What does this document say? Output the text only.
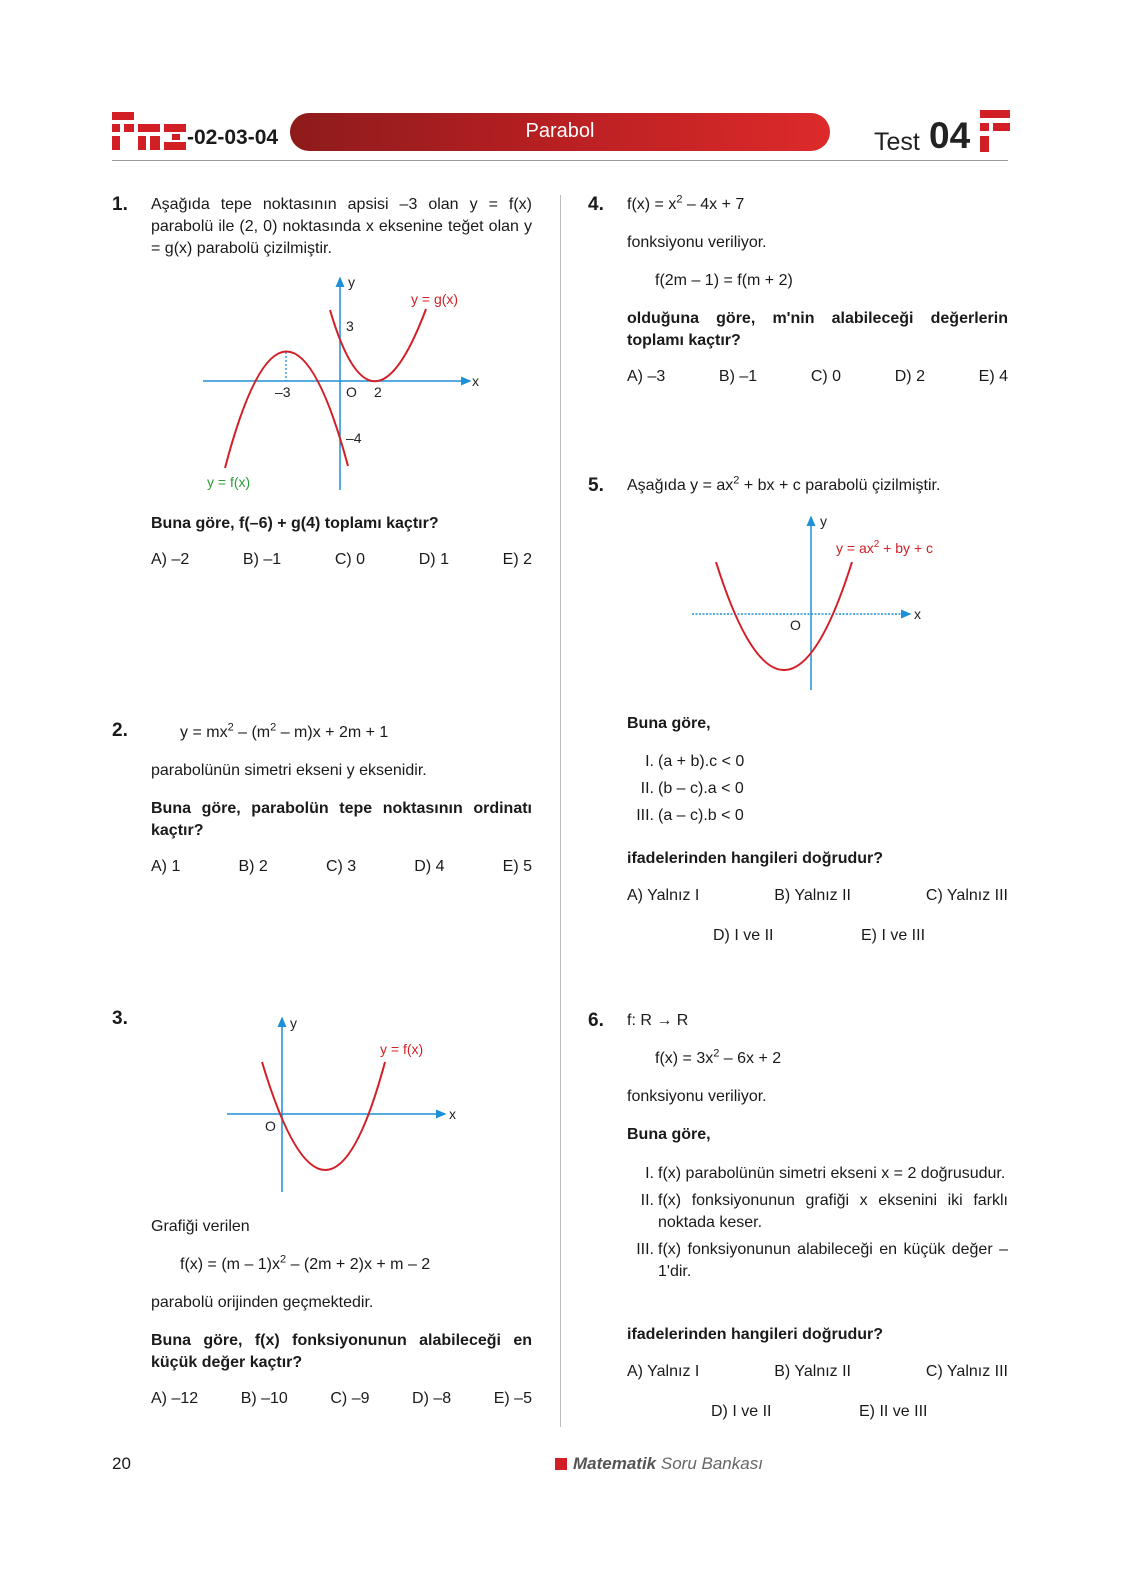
-02-03-04	Parabol	Test 04
1. Aşağıda tepe noktasının apsisi –3 olan y = f(x) parabolü ile (2, 0) noktasında x eksenine teğet olan y = g(x) parabolü çizilmiştir.
y
x
y = g(x)
y = f(x)
3
–3	O 2
–4
Buna göre, f(–6) + g(4) toplamı kaçtır?
A) –2	B) –1	C) 0	D) 1	E) 2
2.	$y = mx^2 - (m^2 - m)x + 2m + 1$
parabolünün simetri ekseni y eksenidir.
Buna göre, parabolün tepe noktasının ordinatı kaçtır?
A) 1	B) 2	C) 3	D) 4	E) 5
3.	y
x
y = f(x)
O
Grafiği verilen
$f(x) = (m - 1)x^2 - (2m + 2)x + m - 2$
parabolü orijinden geçmektedir.
Buna göre, f(x) fonksiyonunun alabileceği en küçük değer kaçtır?
A) –12	B) –10	C) –9	D) –8	E) –5
4. $f(x) = x^2 - 4x + 7$
fonksiyonu veriliyor.
f(2m – 1) = f(m + 2)
olduğuna göre, m'nin alabileceği değerlerin toplamı kaçtır?
A) –3	B) –1	C) 0	D) 2	E) 4
5. Aşağıda $y = ax^2$ + bx + c parabolü çizilmiştir.
y
x
$y = ax^2$ + by + c
O
Buna göre,
I. (a + b).c < 0
II. (b – c).a < 0
III. (a – c).b < 0
ifadelerinden hangileri doğrudur?
A) Yalnız I	B) Yalnız II	C) Yalnız III
D) I ve II	E) I ve III
6. f: R → R
$f(x) = 3x^2 - 6x + 2$
fonksiyonu veriliyor.
Buna göre,
I. f(x) parabolünün simetri ekseni x = 2 doğrusudur.
II. f(x) fonksiyonunun grafiği x eksenini iki farklı noktada keser.
III. f(x) fonksiyonunun alabileceği en küçük değer –1'dir.
ifadelerinden hangileri doğrudur?
A) Yalnız I	B) Yalnız II	C) Yalnız III
D) I ve II	E) II ve III
20	Matematik Soru Bankası
